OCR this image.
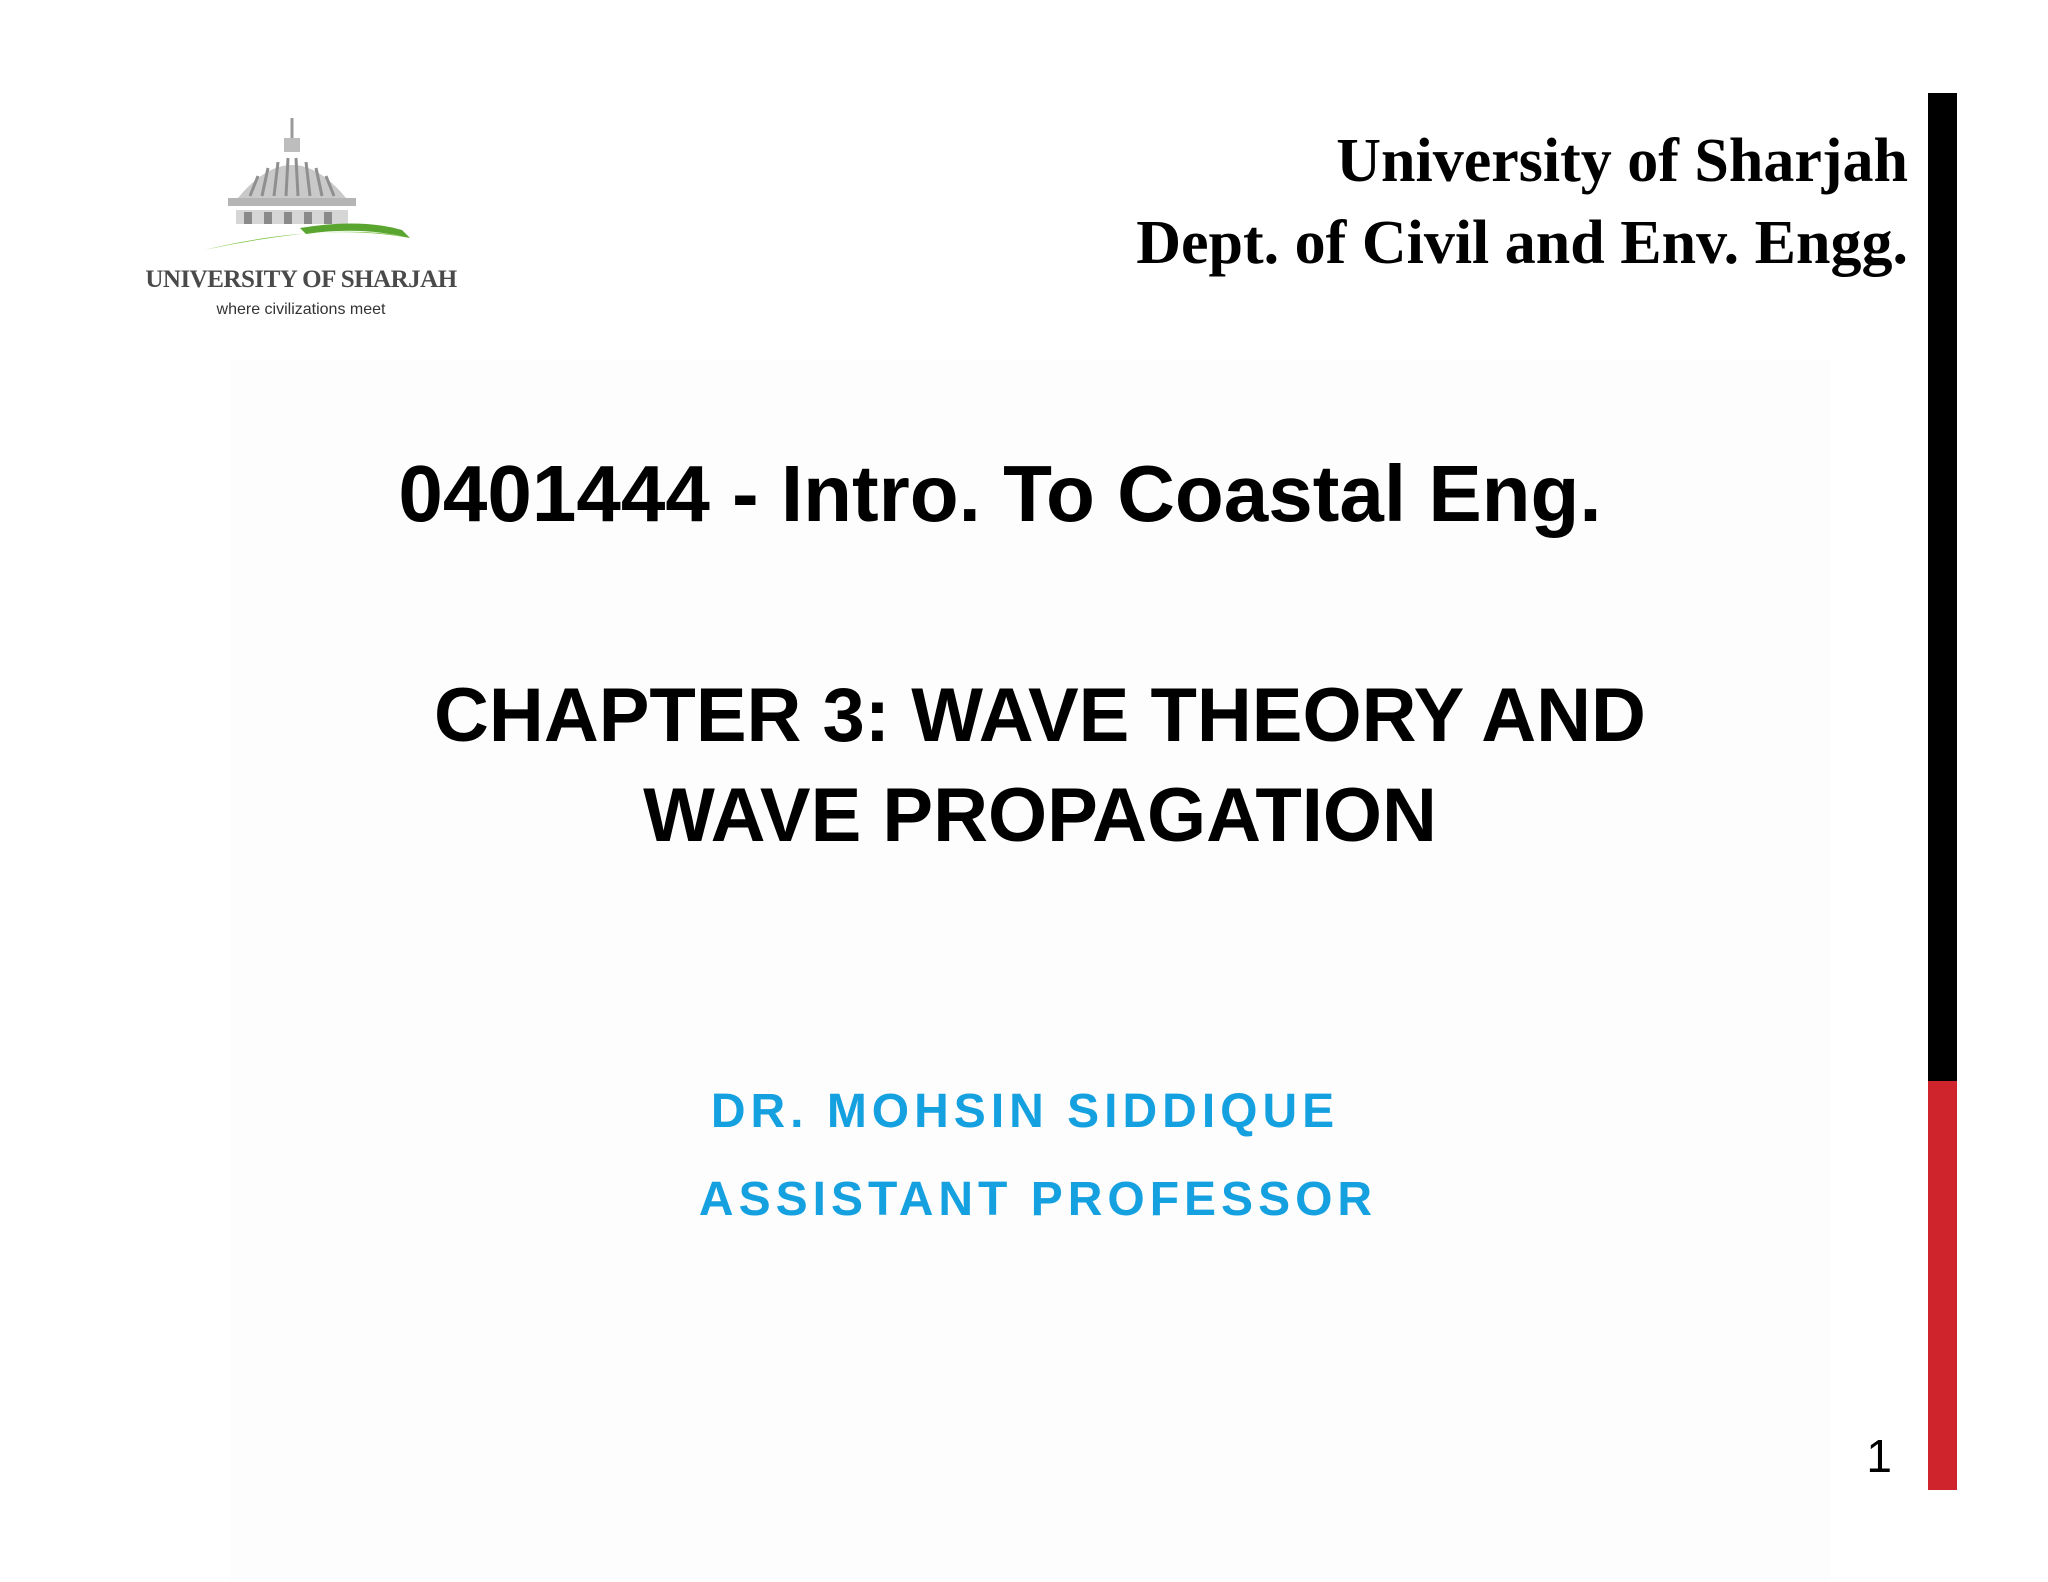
UNIVERSITY OF SHARJAH
where civilizations meet
University of Sharjah
Dept. of Civil and Env. Engg.
0401444 - Intro. To Coastal Eng.
CHAPTER 3: WAVE THEORY AND
WAVE PROPAGATION
DR. MOHSIN SIDDIQUE
ASSISTANT PROFESSOR
1
